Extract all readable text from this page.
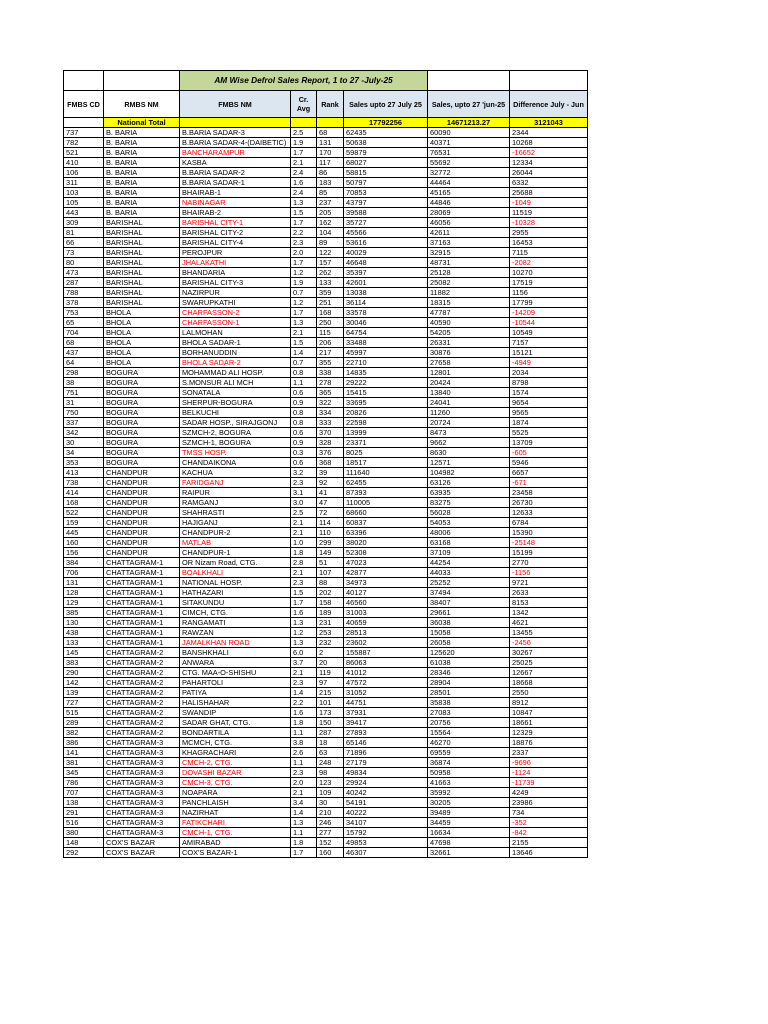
		AM Wise Defrol Sales Report, 1 to 27 -July-25					
FMBS CD	RMBS NM	FMBS NM	Cr. Avg	Rank	Sales upto 27 July 25	Sales, upto 27 'jun-25	Difference July - Jun
	National Total				17792256	14671213.27	3121043
737	B. BARIA	B.BARIA SADAR-3	2.5	68	62435	60090	2344
782	B. BARIA	B.BARIA SADAR-4-(DAIBETIC)	1.9	131	50638	40371	10268
521	B. BARIA	BANCHARAMPUR	1.7	170	59879	76531	-16652
410	B. BARIA	KASBA	2.1	117	68027	55692	12334
106	B. BARIA	B.BARIA SADAR-2	2.4	86	58815	32772	26044
311	B. BARIA	B.BARIA SADAR-1	1.6	183	50797	44464	6332
103	B. BARIA	BHAIRAB-1	2.4	85	70853	45165	25688
105	B. BARIA	NABINAGAR	1.3	237	43797	44846	-1049
443	B. BARIA	BHAIRAB-2	1.5	205	39588	28069	11519
309	BARISHAL	BARISHAL CITY-1	1.7	162	35727	46056	-10328
81	BARISHAL	BARISHAL CITY-2	2.2	104	45566	42611	2955
66	BARISHAL	BARISHAL CITY-4	2.3	89	53616	37163	16453
73	BARISHAL	PEROJPUR	2.0	122	40029	32915	7115
80	BARISHAL	JHALAKATHI	1.7	157	46648	48731	-2082
473	BARISHAL	BHANDARIA	1.2	262	35397	25128	10270
287	BARISHAL	BARISHAL CITY-3	1.9	133	42601	25082	17519
788	BARISHAL	NAZIRPUR	0.7	359	13038	11882	1156
378	BARISHAL	SWARUPKATHI	1.2	251	36114	18315	17799
753	BHOLA	CHARFASSON-2	1.7	168	33578	47787	-14209
65	BHOLA	CHARFASSON-1	1.3	250	30046	40590	-10544
704	BHOLA	LALMOHAN	2.1	115	64754	54205	10549
68	BHOLA	BHOLA SADAR-1	1.5	206	33488	26331	7157
437	BHOLA	BORHANUDDIN	1.4	217	45997	30876	15121
64	BHOLA	BHOLA SADAR-2	0.7	355	22710	27658	-4949
298	BOGURA	MOHAMMAD ALI HOSP.	0.8	338	14835	12801	2034
38	BOGURA	S.MONSUR ALI MCH	1.1	278	29222	20424	8798
751	BOGURA	SONATALA	0.6	365	15415	13840	1574
31	BOGURA	SHERPUR-BOGURA	0.9	322	33695	24041	9654
750	BOGURA	BELKUCHI	0.8	334	20826	11260	9565
337	BOGURA	SADAR HOSP., SIRAJGONJ	0.8	333	22598	20724	1874
342	BOGURA	SZMCH-2, BOGURA	0.6	370	13999	8473	5525
30	BOGURA	SZMCH-1, BOGURA	0.9	328	23371	9662	13709
34	BOGURA	TMSS HOSP.	0.3	376	8025	8630	-605
353	BOGURA	CHANDAIKONA	0.6	368	18517	12571	5946
413	CHANDPUR	KACHUA	3.2	39	111640	104982	6657
738	CHANDPUR	FARIDGANJ	2.3	92	62455	63126	-671
414	CHANDPUR	RAIPUR	3.1	41	87393	63935	23458
168	CHANDPUR	RAMGANJ	3.0	47	110005	83275	26730
522	CHANDPUR	SHAHRASTI	2.5	72	68660	56028	12633
159	CHANDPUR	HAJIGANJ	2.1	114	60837	54053	6784
445	CHANDPUR	CHANDPUR-2	2.1	110	63396	48006	15390
160	CHANDPUR	MATLAB	1.0	299	38020	63168	-25148
156	CHANDPUR	CHANDPUR-1	1.8	149	52308	37109	15199
384	CHATTAGRAM-1	OR Nizam Road, CTG.	2.8	51	47023	44254	2770
706	CHATTAGRAM-1	BOALKHALI	2.1	107	42877	44033	-1156
131	CHATTAGRAM-1	NATIONAL HOSP.	2.3	88	34973	25252	9721
128	CHATTAGRAM-1	HATHAZARI	1.5	202	40127	37494	2633
129	CHATTAGRAM-1	SITAKUNDU	1.7	158	46560	38407	8153
385	CHATTAGRAM-1	CIMCH, CTG.	1.6	189	31003	29661	1342
130	CHATTAGRAM-1	RANGAMATI	1.3	231	40659	36038	4621
438	CHATTAGRAM-1	RAWZAN	1.2	253	28513	15058	13455
133	CHATTAGRAM-1	JAMALKHAN ROAD	1.3	232	23602	26058	-2456
145	CHATTAGRAM-2	BANSHKHALI	6.0	2	155887	125620	30267
383	CHATTAGRAM-2	ANWARA	3.7	20	86063	61038	25025
290	CHATTAGRAM-2	CTG. MAA-O-SHISHU	2.1	119	41012	28346	12667
142	CHATTAGRAM-2	PAHARTOLI	2.3	97	47572	28904	18668
139	CHATTAGRAM-2	PATIYA	1.4	215	31052	28501	2550
727	CHATTAGRAM-2	HALISHAHAR	2.2	101	44751	35838	8912
515	CHATTAGRAM-2	SWANDIP	1.6	173	37931	27083	10847
289	CHATTAGRAM-2	SADAR GHAT, CTG.	1.8	150	39417	20756	18661
382	CHATTAGRAM-2	BONDARTILA	1.1	287	27893	15564	12329
386	CHATTAGRAM-3	MCMCH, CTG.	3.8	18	65146	46270	18876
141	CHATTAGRAM-3	KHAGRACHARI	2.6	63	71896	69559	2337
381	CHATTAGRAM-3	CMCH-2, CTG.	1.1	248	27179	36874	-9696
345	CHATTAGRAM-3	DOVASHI BAZAR	2.3	98	49834	50958	-1124
786	CHATTAGRAM-3	CMCH-3, CTG.	2.0	123	29924	41663	-11739
707	CHATTAGRAM-3	NOAPARA	2.1	109	40242	35992	4249
138	CHATTAGRAM-3	PANCHLAISH	3.4	30	54191	30205	23986
291	CHATTAGRAM-3	NAZIRHAT	1.4	210	40222	39489	734
516	CHATTAGRAM-3	FATIKCHARI	1.3	246	34107	34459	-352
380	CHATTAGRAM-3	CMCH-1, CTG.	1.1	277	15792	16634	-842
148	COX'S BAZAR	AMIRABAD	1.8	152	49853	47698	2155
292	COX'S BAZAR	COX'S BAZAR-1	1.7	160	46307	32661	13646
